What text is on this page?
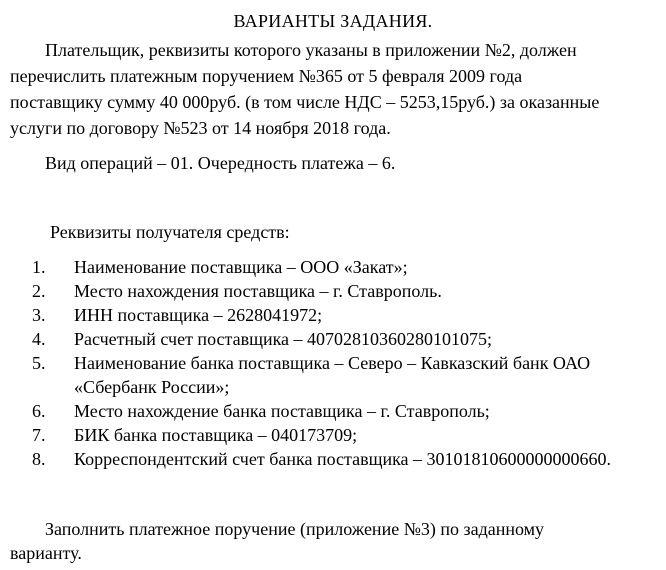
ВАРИАНТЫ ЗАДАНИЯ.
Плательщик, реквизиты которого указаны в приложении №2, должен
перечислить платежным поручением №365 от 5 февраля 2009 года
поставщику сумму 40 000руб. (в том числе НДС – 5253,15руб.) за оказанные
услуги по договору №523 от 14 ноября 2018 года.
Вид операций – 01. Очередность платежа – 6.
Реквизиты получателя средств:
1.	Наименование поставщика – ООО «Закат»;
2.	Место нахождения поставщика – г. Ставрополь.
3.	ИНН поставщика – 2628041972;
4.	Расчетный счет поставщика – 40702810360280101075;
5.	Наименование банка поставщика – Северо – Кавказский банк ОАО
«Сбербанк России»;
6.	Место нахождение банка поставщика – г. Ставрополь;
7.	БИК банка поставщика – 040173709;
8.	Корреспондентский счет банка поставщика – 30101810600000000660.
Заполнить платежное поручение (приложение №3) по заданному
варианту.
